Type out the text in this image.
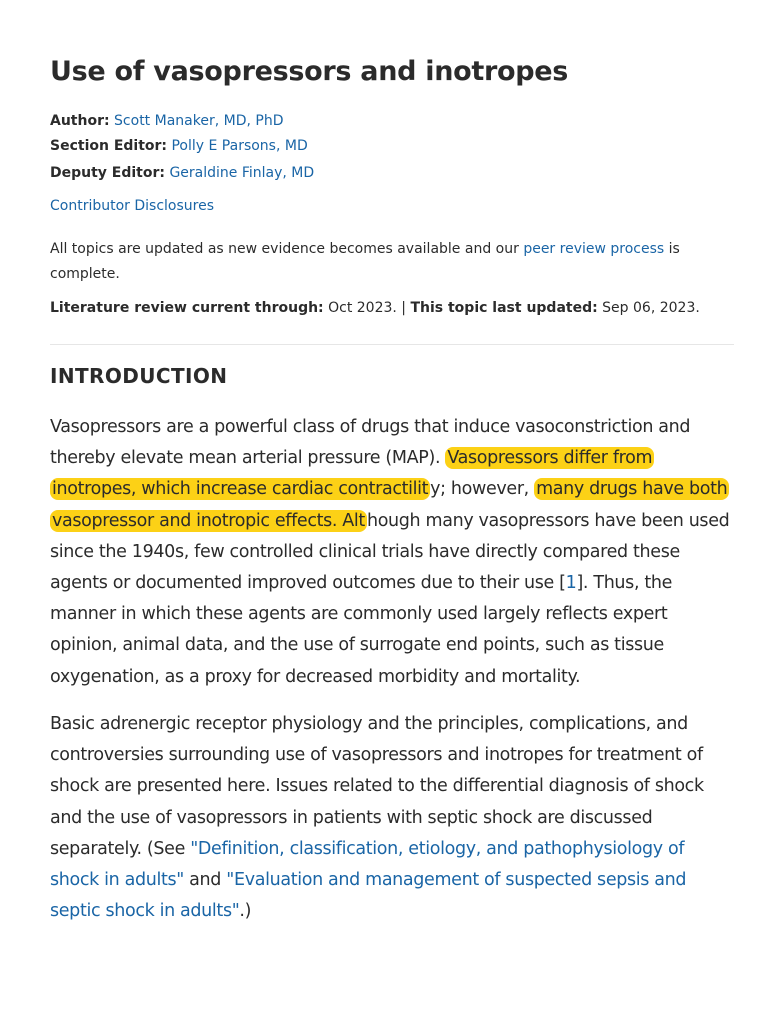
Use of vasopressors and inotropes
Author: Scott Manaker, MD, PhD
Section Editor: Polly E Parsons, MD
Deputy Editor: Geraldine Finlay, MD
Contributor Disclosures
All topics are updated as new evidence becomes available and our peer review process is complete.
Literature review current through: Oct 2023. | This topic last updated: Sep 06, 2023.
INTRODUCTION

Vasopressors are a powerful class of drugs that induce vasoconstriction and thereby elevate mean arterial pressure (MAP). Vasopressors differ from inotropes, which increase cardiac contractilit y; however, many drugs have both vasopressor and inotropic effects. Alt hough many vasopressors have been used since the 1940s, few controlled clinical trials have directly compared these agents or documented improved outcomes due to their use [1]. Thus, the manner in which these agents are commonly used largely reflects expert opinion, animal data, and the use of surrogate end points, such as tissue oxygenation, as a proxy for decreased morbidity and mortality.

Basic adrenergic receptor physiology and the principles, complications, and controversies surrounding use of vasopressors and inotropes for treatment of shock are presented here. Issues related to the differential diagnosis of shock and the use of vasopressors in patients with septic shock are discussed separately. (See "Definition, classification, etiology, and pathophysiology of shock in adults" and "Evaluation and management of suspected sepsis and septic shock in adults".)
